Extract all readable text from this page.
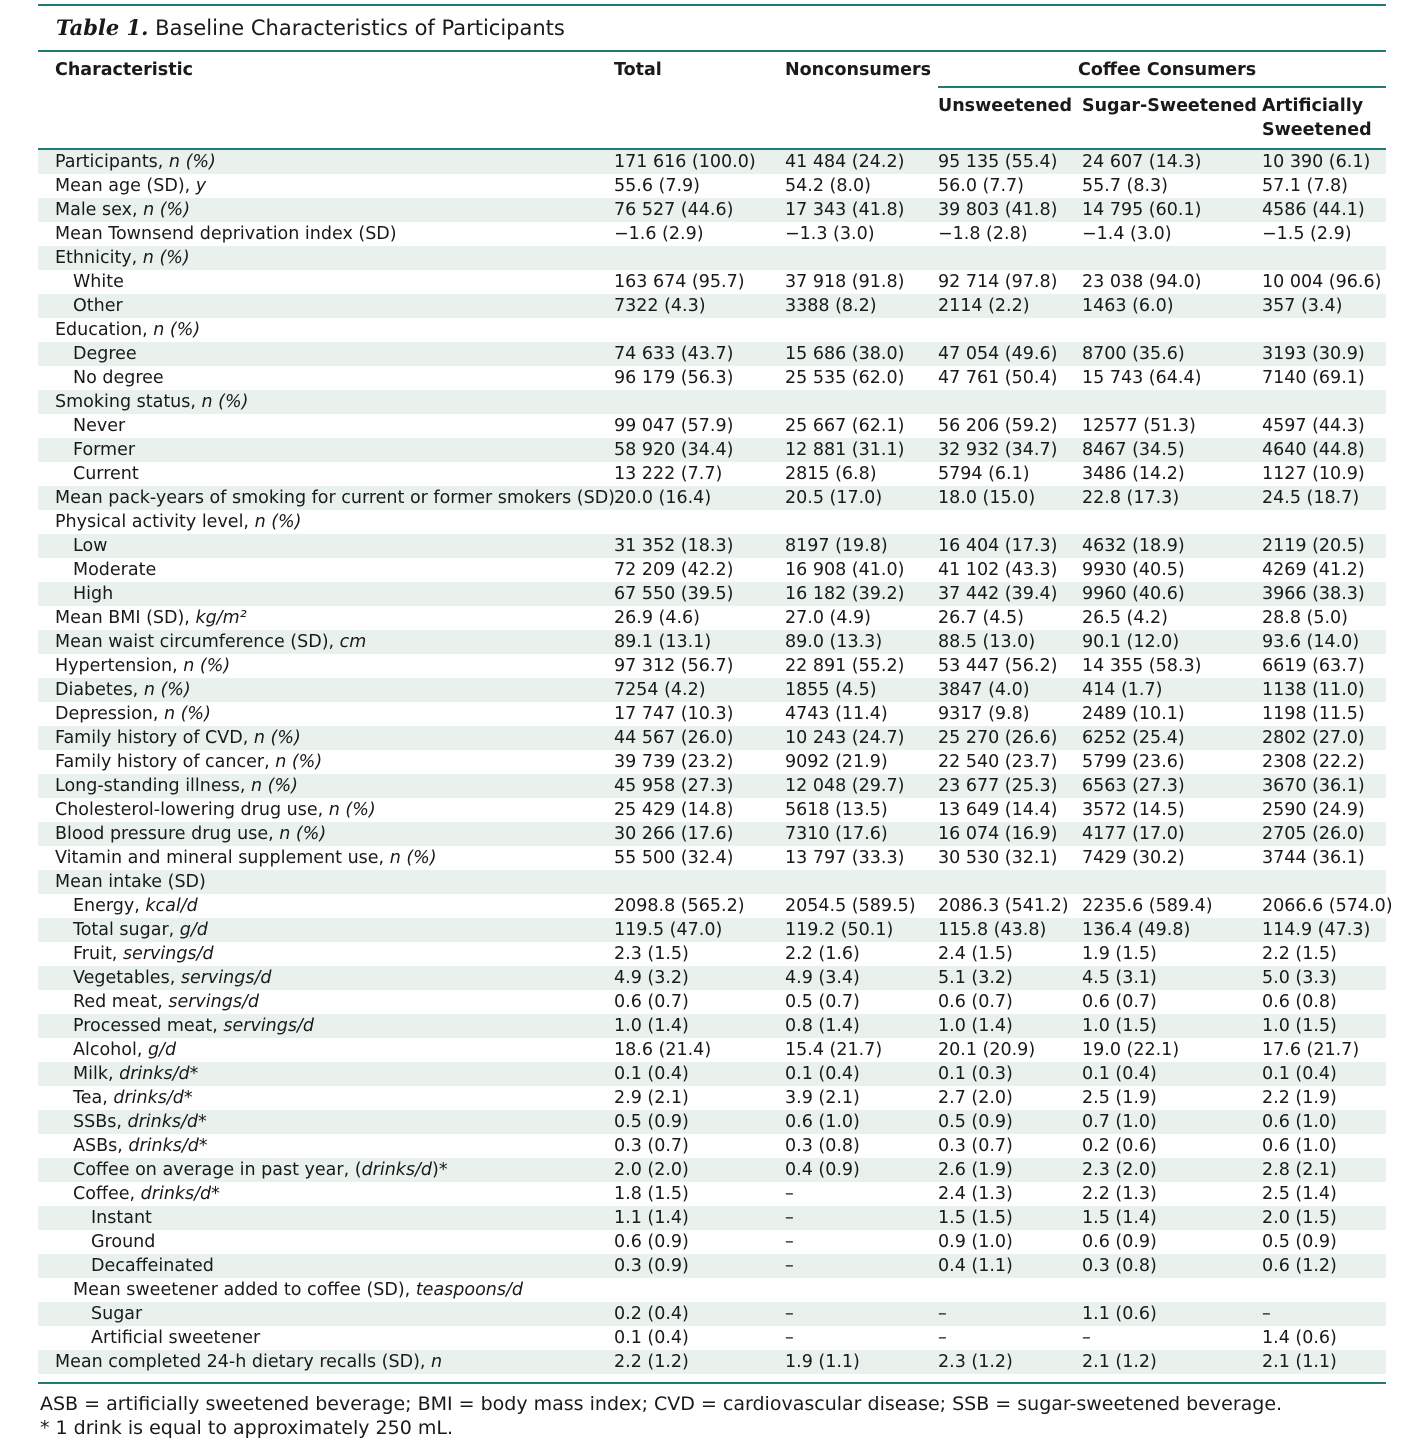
Table 1. Baseline Characteristics of Participants
Characteristic	Total	Nonconsumers	Coffee Consumers
Unsweetened Sugar-Sweetened Artificially
Sweetened
Participants, n (%)	171 616 (100.0) 41 484 (24.2) 95 135 (55.4) 24 607 (14.3)	10 390 (6.1)
Mean age (SD), y	55.6 (7.9)	54.2 (8.0)	56.0 (7.7)	55.7 (8.3)	57.1 (7.8)
Male sex, n (%)	76 527 (44.6)	17 343 (41.8) 39 803 (41.8) 14 795 (60.1)	4586 (44.1)
Mean Townsend deprivation index (SD)	−1.6 (2.9)	−1.3 (3.0)	−1.8 (2.8)	−1.4 (3.0)	−1.5 (2.9)
Ethnicity, n (%)
White	163 674 (95.7) 37 918 (91.8) 92 714 (97.8) 23 038 (94.0)	10 004 (96.6)
Other	7322 (4.3)	3388 (8.2)	2114 (2.2)	1463 (6.0)	357 (3.4)
Education, n (%)
Degree	74 633 (43.7)	15 686 (38.0) 47 054 (49.6) 8700 (35.6)	3193 (30.9)
No degree	96 179 (56.3)	25 535 (62.0) 47 761 (50.4) 15 743 (64.4)	7140 (69.1)
Smoking status, n (%)
Never	99 047 (57.9)	25 667 (62.1) 56 206 (59.2) 12577 (51.3)	4597 (44.3)
Former	58 920 (34.4)	12 881 (31.1) 32 932 (34.7) 8467 (34.5)	4640 (44.8)
Current	13 222 (7.7)	2815 (6.8)	5794 (6.1)	3486 (14.2)	1127 (10.9)
Mean pack-years of smoking for current or former smokers (SD) 20.0 (16.4)	20.5 (17.0)	18.0 (15.0)	22.8 (17.3)	24.5 (18.7)
Physical activity level, n (%)
Low	31 352 (18.3)	8197 (19.8)	16 404 (17.3) 4632 (18.9)	2119 (20.5)
Moderate	72 209 (42.2)	16 908 (41.0) 41 102 (43.3) 9930 (40.5)	4269 (41.2)
High	67 550 (39.5)	16 182 (39.2) 37 442 (39.4) 9960 (40.6)	3966 (38.3)
Mean BMI (SD), kg/m²	26.9 (4.6)	27.0 (4.9)	26.7 (4.5)	26.5 (4.2)	28.8 (5.0)
Mean waist circumference (SD), cm	89.1 (13.1)	89.0 (13.3)	88.5 (13.0)	90.1 (12.0)	93.6 (14.0)
Hypertension, n (%)	97 312 (56.7)	22 891 (55.2) 53 447 (56.2) 14 355 (58.3)	6619 (63.7)
Diabetes, n (%)	7254 (4.2)	1855 (4.5)	3847 (4.0)	414 (1.7)	1138 (11.0)
Depression, n (%)	17 747 (10.3)	4743 (11.4)	9317 (9.8)	2489 (10.1)	1198 (11.5)
Family history of CVD, n (%)	44 567 (26.0)	10 243 (24.7) 25 270 (26.6) 6252 (25.4)	2802 (27.0)
Family history of cancer, n (%)	39 739 (23.2)	9092 (21.9)	22 540 (23.7) 5799 (23.6)	2308 (22.2)
Long-standing illness, n (%)	45 958 (27.3)	12 048 (29.7) 23 677 (25.3) 6563 (27.3)	3670 (36.1)
Cholesterol-lowering drug use, n (%)	25 429 (14.8)	5618 (13.5)	13 649 (14.4) 3572 (14.5)	2590 (24.9)
Blood pressure drug use, n (%)	30 266 (17.6)	7310 (17.6)	16 074 (16.9) 4177 (17.0)	2705 (26.0)
Vitamin and mineral supplement use, n (%)	55 500 (32.4)	13 797 (33.3) 30 530 (32.1) 7429 (30.2)	3744 (36.1)
Mean intake (SD)
Energy, kcal/d	2098.8 (565.2) 2054.5 (589.5) 2086.3 (541.2) 2235.6 (589.4)	2066.6 (574.0)
Total sugar, g/d	119.5 (47.0)	119.2 (50.1)	115.8 (43.8) 136.4 (49.8)	114.9 (47.3)
Fruit, servings/d	2.3 (1.5)	2.2 (1.6)	2.4 (1.5)	1.9 (1.5)	2.2 (1.5)
Vegetables, servings/d	4.9 (3.2)	4.9 (3.4)	5.1 (3.2)	4.5 (3.1)	5.0 (3.3)
Red meat, servings/d	0.6 (0.7)	0.5 (0.7)	0.6 (0.7)	0.6 (0.7)	0.6 (0.8)
Processed meat, servings/d	1.0 (1.4)	0.8 (1.4)	1.0 (1.4)	1.0 (1.5)	1.0 (1.5)
Alcohol, g/d	18.6 (21.4)	15.4 (21.7)	20.1 (20.9)	19.0 (22.1)	17.6 (21.7)
Milk, drinks/d*	0.1 (0.4)	0.1 (0.4)	0.1 (0.3)	0.1 (0.4)	0.1 (0.4)
Tea, drinks/d*	2.9 (2.1)	3.9 (2.1)	2.7 (2.0)	2.5 (1.9)	2.2 (1.9)
SSBs, drinks/d*	0.5 (0.9)	0.6 (1.0)	0.5 (0.9)	0.7 (1.0)	0.6 (1.0)
ASBs, drinks/d*	0.3 (0.7)	0.3 (0.8)	0.3 (0.7)	0.2 (0.6)	0.6 (1.0)
Coffee on average in past year, (drinks/d)*	2.0 (2.0)	0.4 (0.9)	2.6 (1.9)	2.3 (2.0)	2.8 (2.1)
Coffee, drinks/d*	1.8 (1.5)	–	2.4 (1.3)	2.2 (1.3)	2.5 (1.4)
Instant	1.1 (1.4)	–	1.5 (1.5)	1.5 (1.4)	2.0 (1.5)
Ground	0.6 (0.9)	–	0.9 (1.0)	0.6 (0.9)	0.5 (0.9)
Decaffeinated	0.3 (0.9)	–	0.4 (1.1)	0.3 (0.8)	0.6 (1.2)
Mean sweetener added to coffee (SD), teaspoons/d
Sugar	0.2 (0.4)	–	–	1.1 (0.6)	–
Artificial sweetener	0.1 (0.4)	–	–	–	1.4 (0.6)
Mean completed 24-h dietary recalls (SD), n	2.2 (1.2)	1.9 (1.1)	2.3 (1.2)	2.1 (1.2)	2.1 (1.1)
ASB = artificially sweetened beverage; BMI = body mass index; CVD = cardiovascular disease; SSB = sugar-sweetened beverage.
* 1 drink is equal to approximately 250 mL.
